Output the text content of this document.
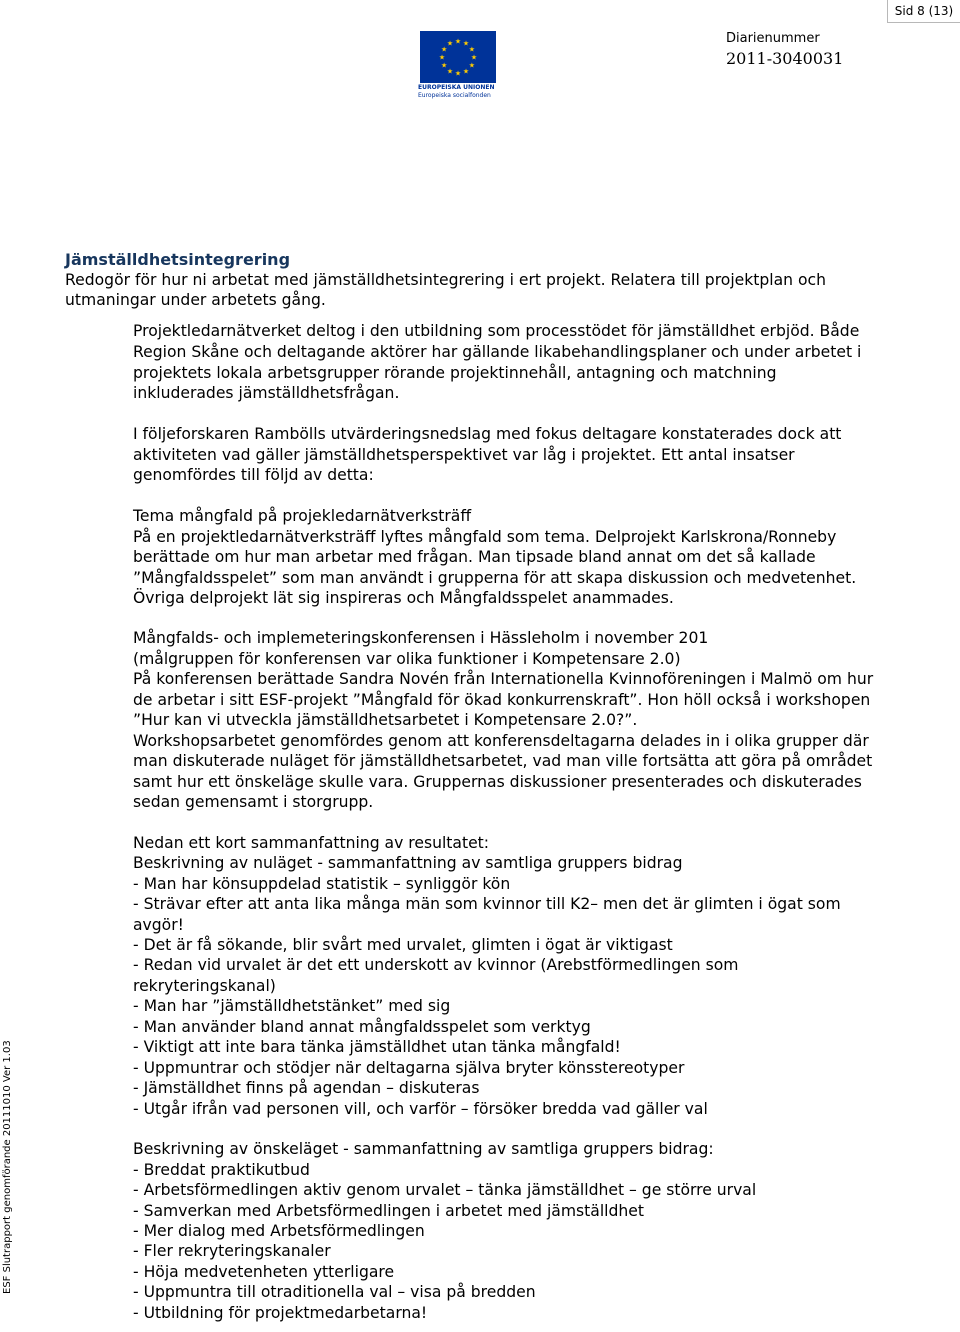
Sid 8 (13)
★ ★
★
★
★
★
★
★
★
★
★
★
EUROPEISKA UNIONEN
Europeiska socialfonden
Diarienummer
2011-3040031
ESF Slutrapport genomförande 20111010 Ver 1.03
Jämställdhetsintegrering
Redogör för hur ni arbetat med jämställdhetsintegrering i ert projekt. Relatera till projektplan och
utmaningar under arbetets gång.
Projektledarnätverket deltog i den utbildning som processtödet för jämställdhet erbjöd. Både
Region Skåne och deltagande aktörer har gällande likabehandlingsplaner och under arbetet i
projektets lokala arbetsgrupper rörande projektinnehåll, antagning och matchning
inkluderades jämställdhetsfrågan.
I följeforskaren Rambölls utvärderingsnedslag med fokus deltagare konstaterades dock att
aktiviteten vad gäller jämställdhetsperspektivet var låg i projektet. Ett antal insatser
genomfördes till följd av detta:
Tema mångfald på projekledarnätverksträff
På en projektledarnätverksträff lyftes mångfald som tema. Delprojekt Karlskrona/Ronneby
berättade om hur man arbetar med frågan. Man tipsade bland annat om det så kallade
”Mångfaldsspelet” som man användt i grupperna för att skapa diskussion och medvetenhet.
Övriga delprojekt lät sig inspireras och Mångfaldsspelet anammades.
Mångfalds- och implemeteringskonferensen i Hässleholm i november 201
(målgruppen för konferensen var olika funktioner i Kompetensare 2.0)
På konferensen berättade Sandra Novén från Internationella Kvinnoföreningen i Malmö om hur
de arbetar i sitt ESF-projekt ”Mångfald för ökad konkurrenskraft”. Hon höll också i workshopen
”Hur kan vi utveckla jämställdhetsarbetet i Kompetensare 2.0?”.
Workshopsarbetet genomfördes genom att konferensdeltagarna delades in i olika grupper där
man diskuterade nuläget för jämställdhetsarbetet, vad man ville fortsätta att göra på området
samt hur ett önskeläge skulle vara. Gruppernas diskussioner presenterades och diskuterades
sedan gemensamt i storgrupp.
Nedan ett kort sammanfattning av resultatet:
Beskrivning av nuläget - sammanfattning av samtliga gruppers bidrag
- Man har könsuppdelad statistik – synliggör kön
- Strävar efter att anta lika många män som kvinnor till K2– men det är glimten i ögat som
avgör!
- Det är få sökande, blir svårt med urvalet, glimten i ögat är viktigast
- Redan vid urvalet är det ett underskott av kvinnor (Arebstförmedlingen som
rekryteringskanal)
- Man har ”jämställdhetstänket” med sig
- Man använder bland annat mångfaldsspelet som verktyg
- Viktigt att inte bara tänka jämställdhet utan tänka mångfald!
- Uppmuntrar och stödjer när deltagarna själva bryter könsstereotyper
- Jämställdhet finns på agendan – diskuteras
- Utgår ifrån vad personen vill, och varför – försöker bredda vad gäller val
Beskrivning av önskeläget - sammanfattning av samtliga gruppers bidrag:
- Breddat praktikutbud
- Arbetsförmedlingen aktiv genom urvalet – tänka jämställdhet – ge större urval
- Samverkan med Arbetsförmedlingen i arbetet med jämställdhet
- Mer dialog med Arbetsförmedlingen
- Fler rekryteringskanaler
- Höja medvetenheten ytterligare
- Uppmuntra till otraditionella val – visa på bredden
- Utbildning för projektmedarbetarna!
